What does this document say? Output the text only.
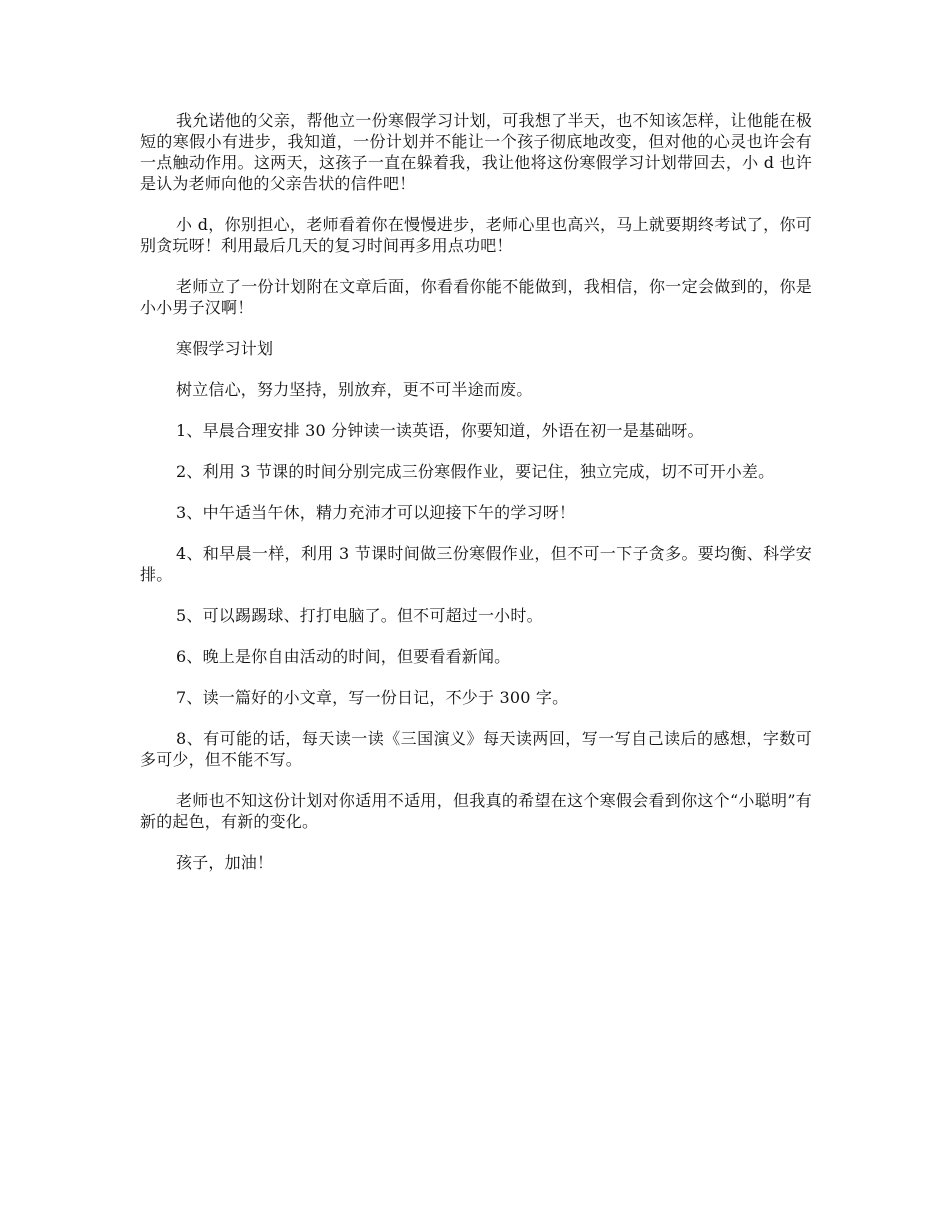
我允诺他的父亲，帮他立一份寒假学习计划，可我想了半天，也不知该怎样，让他能在极短的寒假小有进步，我知道，一份计划并不能让一个孩子彻底地改变，但对他的心灵也许会有一点触动作用。这两天，这孩子一直在躲着我，我让他将这份寒假学习计划带回去，小 d 也许是认为老师向他的父亲告状的信件吧！

小 d，你别担心，老师看着你在慢慢进步，老师心里也高兴，马上就要期终考试了，你可别贪玩呀！利用最后几天的复习时间再多用点功吧！

老师立了一份计划附在文章后面，你看看你能不能做到，我相信，你一定会做到的，你是小小男子汉啊！

寒假学习计划

树立信心，努力坚持，别放弃，更不可半途而废。

1、早晨合理安排 30 分钟读一读英语，你要知道，外语在初一是基础呀。

2、利用 3 节课的时间分别完成三份寒假作业，要记住，独立完成，切不可开小差。

3、中午适当午休，精力充沛才可以迎接下午的学习呀！

4、和早晨一样，利用 3 节课时间做三份寒假作业，但不可一下子贪多。要均衡、科学安排。

5、可以踢踢球、打打电脑了。但不可超过一小时。

6、晚上是你自由活动的时间，但要看看新闻。

7、读一篇好的小文章，写一份日记，不少于 300 字。

8、有可能的话，每天读一读《三国演义》每天读两回，写一写自己读后的感想，字数可多可少，但不能不写。

老师也不知这份计划对你适用不适用，但我真的希望在这个寒假会看到你这个“小聪明”有新的起色，有新的变化。

孩子，加油！
